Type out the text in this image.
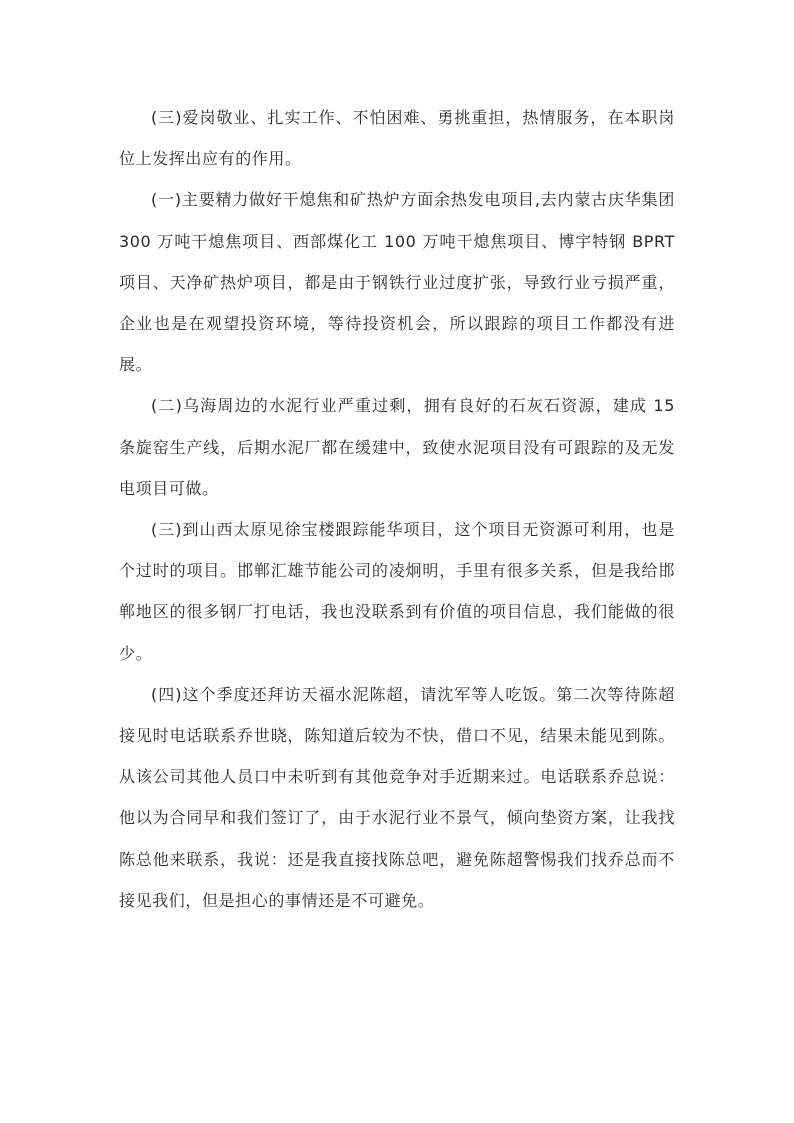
(三)爱岗敬业、扎实工作、不怕困难、勇挑重担，热情服务，在本职岗位上发挥出应有的作用。

(一)主要精力做好干熄焦和矿热炉方面余热发电项目,去内蒙古庆华集团 300 万吨干熄焦项目、西部煤化工 100 万吨干熄焦项目、博宇特钢 BPRT 项目、天净矿热炉项目，都是由于钢铁行业过度扩张，导致行业亏损严重，企业也是在观望投资环境，等待投资机会，所以跟踪的项目工作都没有进展。

(二)乌海周边的水泥行业严重过剩，拥有良好的石灰石资源，建成 15 条旋窑生产线，后期水泥厂都在缓建中，致使水泥项目没有可跟踪的及无发电项目可做。

(三)到山西太原见徐宝楼跟踪能华项目，这个项目无资源可利用，也是个过时的项目。邯郸汇雄节能公司的凌炯明，手里有很多关系，但是我给邯郸地区的很多钢厂打电话，我也没联系到有价值的项目信息，我们能做的很少。

(四)这个季度还拜访天福水泥陈超，请沈军等人吃饭。第二次等待陈超接见时电话联系乔世晓，陈知道后较为不快，借口不见，结果未能见到陈。从该公司其他人员口中未听到有其他竞争对手近期来过。电话联系乔总说：他以为合同早和我们签订了，由于水泥行业不景气，倾向垫资方案，让我找陈总他来联系，我说：还是我直接找陈总吧，避免陈超警惕我们找乔总而不接见我们，但是担心的事情还是不可避免。
